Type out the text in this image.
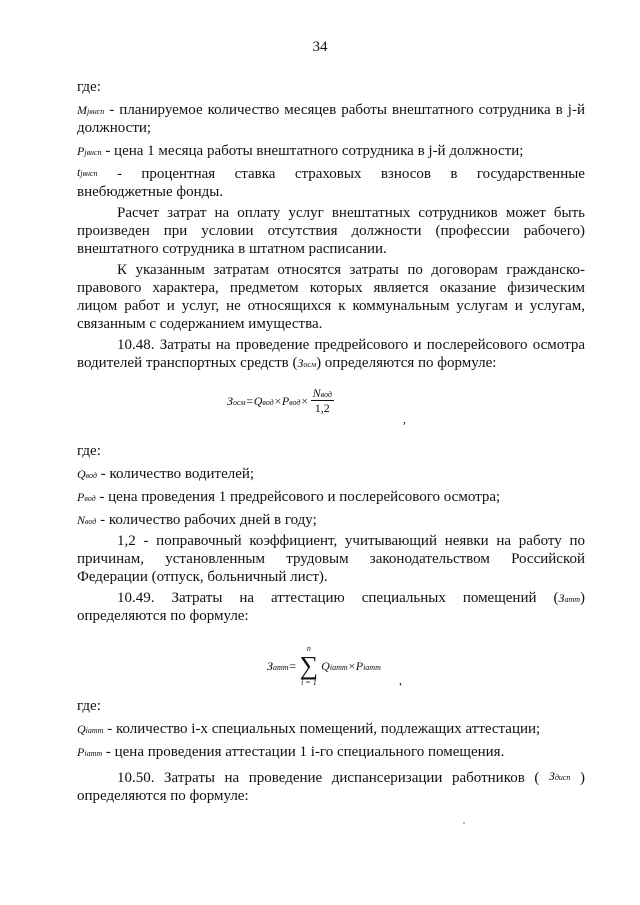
34

где:

Mjвнсп - планируемое количество месяцев работы внештатного сотрудника в j-й должности;

Pjвнсп - цена 1 месяца работы внештатного сотрудника в j-й должности;

tjвнсп - процентная ставка страховых взносов в государственные
внебюджетные фонды.

Расчет затрат на оплату услуг внештатных сотрудников может быть произведен при условии отсутствия должности (профессии рабочего) внештатного сотрудника в штатном расписании.

К указанным затратам относятся затраты по договорам гражданско-правового характера, предметом которых является оказание физическим лицом работ и услуг, не относящихся к коммунальным услугам и услугам, связанным с содержанием имущества.

10.48. Затраты на проведение предрейсового и послерейсового осмотра водителей транспортных средств (Зосм) определяются по формуле:

Зосм = Qвод × Pвод × $\frac{\text{Nвод}}{1,2}$
,

где:

Qвод - количество водителей;

Рвод - цена проведения 1 предрейсового и послерейсового осмотра;

Nвод - количество рабочих дней в году;

1,2 - поправочный коэффициент, учитывающий неявки на работу по причинам, установленным трудовым законодательством Российской Федерации (отпуск, больничный лист).

10.49. Затраты на аттестацию специальных помещений (Затт) определяются по формуле:

Затт =
n
∑
i = 1
Qiатт × Piатт
,

где:

Qiатт - количество i-х специальных помещений, подлежащих аттестации;

Рiатт - цена проведения аттестации 1 i-го специального помещения.

10.50. Затраты на проведение диспансеризации работников ( Здисп )
определяются по формуле:
